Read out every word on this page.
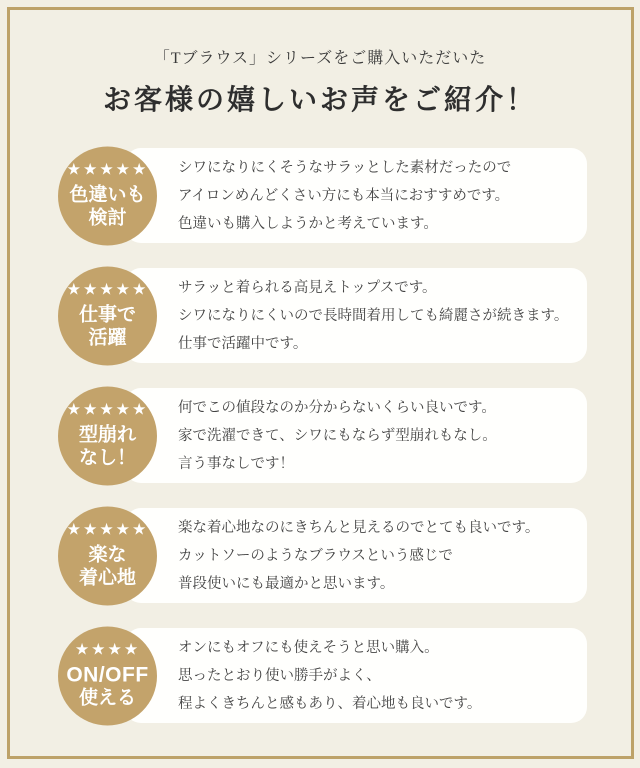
「Tブラウス」シリーズをご購入いただいた

お客様の嬉しいお声をご紹介！
★★★★★
色違いも
検討

シワになりにくそうなサラッとした素材だったので

アイロンめんどくさい方にも本当におすすめです。

色違いも購入しようかと考えています。

★★★★★
仕事で
活躍

サラッと着られる高見えトップスです。

シワになりにくいので長時間着用しても綺麗さが続きます。

仕事で活躍中です。

★★★★★
型崩れ
なし！

何でこの値段なのか分からないくらい良いです。

家で洗濯できて、シワにもならず型崩れもなし。

言う事なしです！

★★★★★
楽な
着心地

楽な着心地なのにきちんと見えるのでとても良いです。

カットソーのようなブラウスという感じで

普段使いにも最適かと思います。

★★★★
ON/OFF
使える

オンにもオフにも使えそうと思い購入。

思ったとおり使い勝手がよく、

程よくきちんと感もあり、着心地も良いです。
